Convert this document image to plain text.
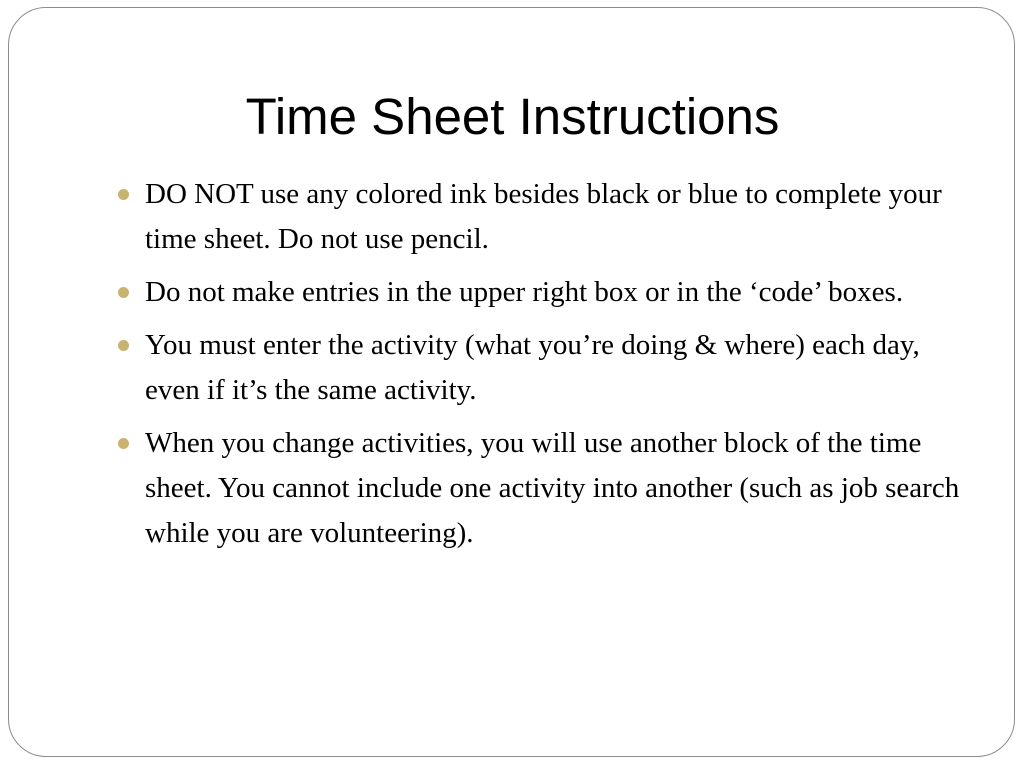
Time Sheet Instructions
DO NOT use any colored ink besides black or blue to complete your time sheet. Do not use pencil.
Do not make entries in the upper right box or in the ‘code’ boxes.
You must enter the activity (what you’re doing & where) each day, even if it’s the same activity.
When you change activities, you will use another block of the time sheet. You cannot include one activity into another (such as job search while you are volunteering).
